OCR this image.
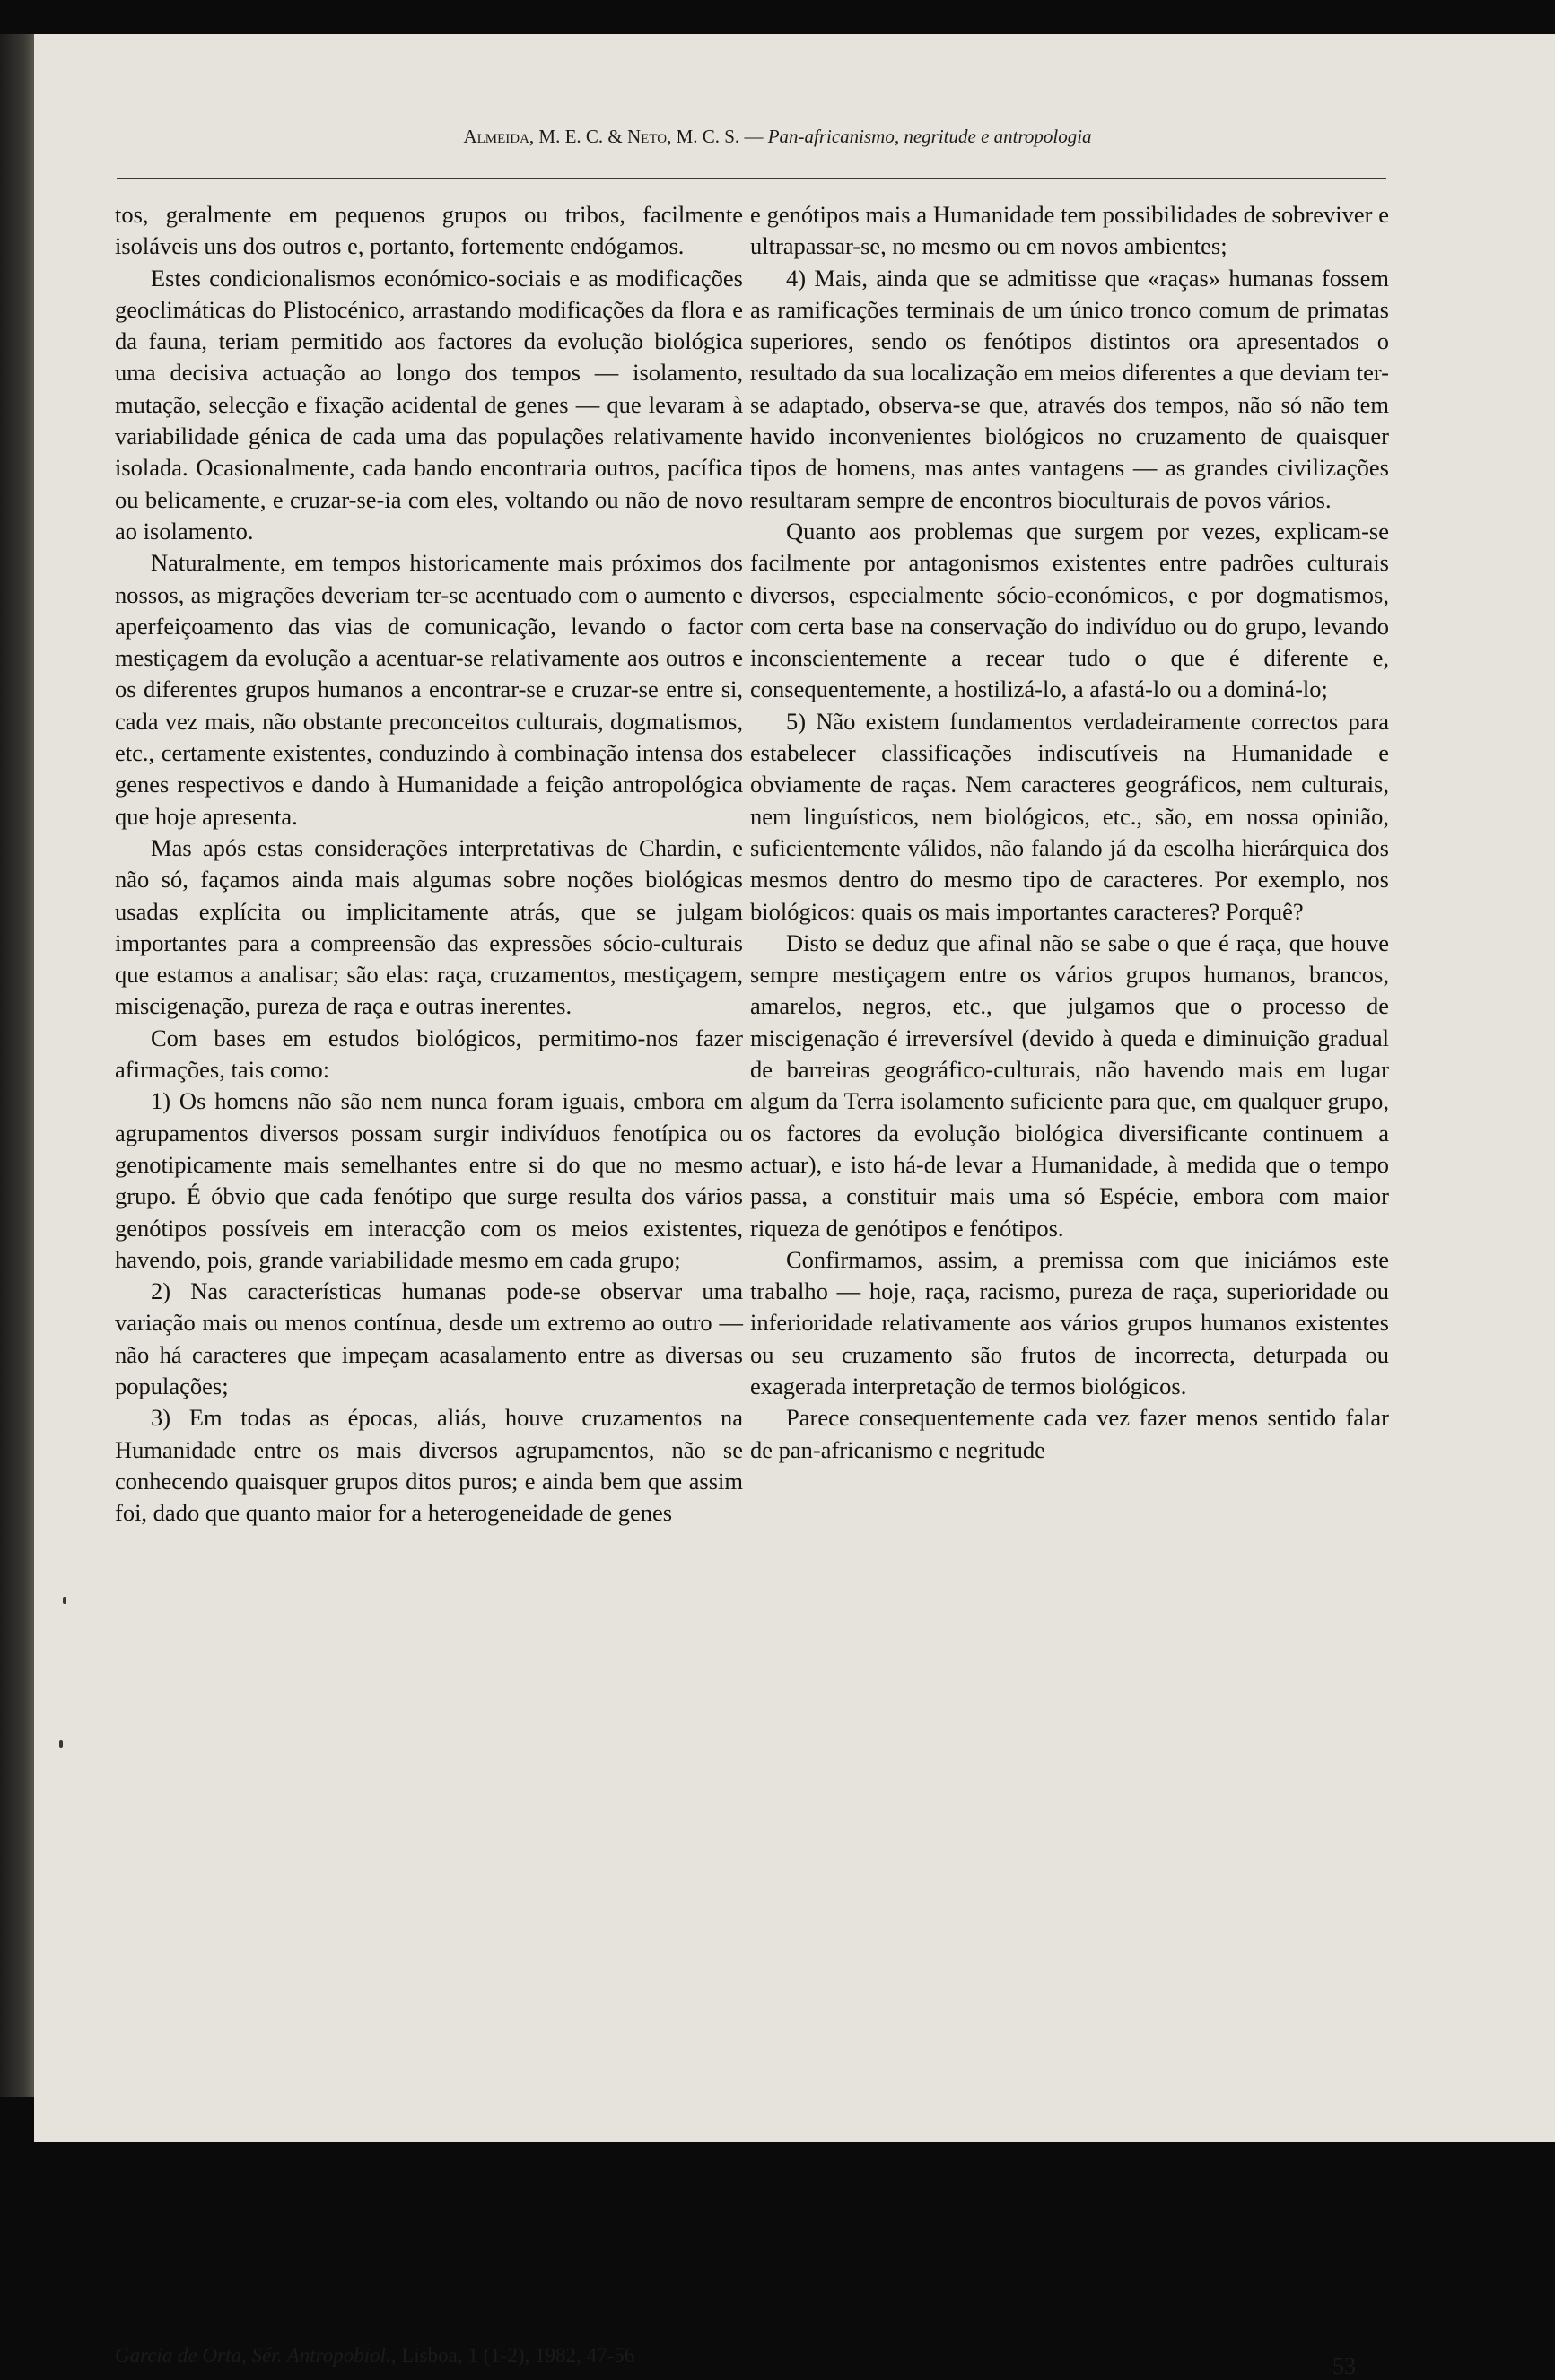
Almeida, M. E. C. & Neto, M. C. S. — Pan-africanismo, negritude e antropologia

tos, geralmente em pequenos grupos ou tribos, facilmente isoláveis uns dos outros e, portanto, fortemente endógamos.

Estes condicionalismos económico-sociais e as modificações geoclimáticas do Plistocénico, arrastando modificações da flora e da fauna, teriam permitido aos factores da evolução biológica uma decisiva actuação ao longo dos tempos — isolamento, mutação, selecção e fixação acidental de genes — que levaram à variabilidade génica de cada uma das populações relativamente isolada. Ocasionalmente, cada bando encontraria outros, pacífica ou belicamente, e cruzar-se-ia com eles, voltando ou não de novo ao isolamento.

Naturalmente, em tempos historicamente mais próximos dos nossos, as migrações deveriam ter-se acentuado com o aumento e aperfeiçoamento das vias de comunicação, levando o factor mestiçagem da evolução a acentuar-se relativamente aos outros e os diferentes grupos humanos a encontrar-se e cruzar-se entre si, cada vez mais, não obstante preconceitos culturais, dogmatismos, etc., certamente existentes, conduzindo à combinação intensa dos genes respectivos e dando à Humanidade a feição antropológica que hoje apresenta.

Mas após estas considerações interpretativas de Chardin, e não só, façamos ainda mais algumas sobre noções biológicas usadas explícita ou implicitamente atrás, que se julgam importantes para a compreensão das expressões sócio-culturais que estamos a analisar; são elas: raça, cruzamentos, mestiçagem, miscigenação, pureza de raça e outras inerentes.

Com bases em estudos biológicos, permitimo-nos fazer afirmações, tais como:

1) Os homens não são nem nunca foram iguais, embora em agrupamentos diversos possam surgir indivíduos fenotípica ou genotipicamente mais semelhantes entre si do que no mesmo grupo. É óbvio que cada fenótipo que surge resulta dos vários genótipos possíveis em interacção com os meios existentes, havendo, pois, grande variabilidade mesmo em cada grupo;

2) Nas características humanas pode-se observar uma variação mais ou menos contínua, desde um extremo ao outro — não há caracteres que impeçam acasalamento entre as diversas populações;

3) Em todas as épocas, aliás, houve cruzamentos na Humanidade entre os mais diversos agrupamentos, não se conhecendo quaisquer grupos ditos puros; e ainda bem que assim foi, dado que quanto maior for a heterogeneidade de genes

e genótipos mais a Humanidade tem possibilidades de sobreviver e ultrapassar-se, no mesmo ou em novos ambientes;

4) Mais, ainda que se admitisse que «raças» humanas fossem as ramificações terminais de um único tronco comum de primatas superiores, sendo os fenótipos distintos ora apresentados o resultado da sua localização em meios diferentes a que deviam ter-se adaptado, observa-se que, através dos tempos, não só não tem havido inconvenientes biológicos no cruzamento de quaisquer tipos de homens, mas antes vantagens — as grandes civilizações resultaram sempre de encontros bioculturais de povos vários.

Quanto aos problemas que surgem por vezes, explicam-se facilmente por antagonismos existentes entre padrões culturais diversos, especialmente sócio-económicos, e por dogmatismos, com certa base na conservação do indivíduo ou do grupo, levando inconscientemente a recear tudo o que é diferente e, consequentemente, a hostilizá-lo, a afastá-lo ou a dominá-lo;

5) Não existem fundamentos verdadeiramente correctos para estabelecer classificações indiscutíveis na Humanidade e obviamente de raças. Nem caracteres geográficos, nem culturais, nem linguísticos, nem biológicos, etc., são, em nossa opinião, suficientemente válidos, não falando já da escolha hierárquica dos mesmos dentro do mesmo tipo de caracteres. Por exemplo, nos biológicos: quais os mais importantes caracteres? Porquê?

Disto se deduz que afinal não se sabe o que é raça, que houve sempre mestiçagem entre os vários grupos humanos, brancos, amarelos, negros, etc., que julgamos que o processo de miscigenação é irreversível (devido à queda e diminuição gradual de barreiras geográfico-culturais, não havendo mais em lugar algum da Terra isolamento suficiente para que, em qualquer grupo, os factores da evolução biológica diversificante continuem a actuar), e isto há-de levar a Humanidade, à medida que o tempo passa, a constituir mais uma só Espécie, embora com maior riqueza de genótipos e fenótipos.

Confirmamos, assim, a premissa com que iniciámos este trabalho — hoje, raça, racismo, pureza de raça, superioridade ou inferioridade relativamente aos vários grupos humanos existentes ou seu cruzamento são frutos de incorrecta, deturpada ou exagerada interpretação de termos biológicos.

Parece consequentemente cada vez fazer menos sentido falar de pan-africanismo e negritude

Garcia de Orta, Sér. Antropobiol., Lisboa, 1 (1-2), 1982, 47-56	53
